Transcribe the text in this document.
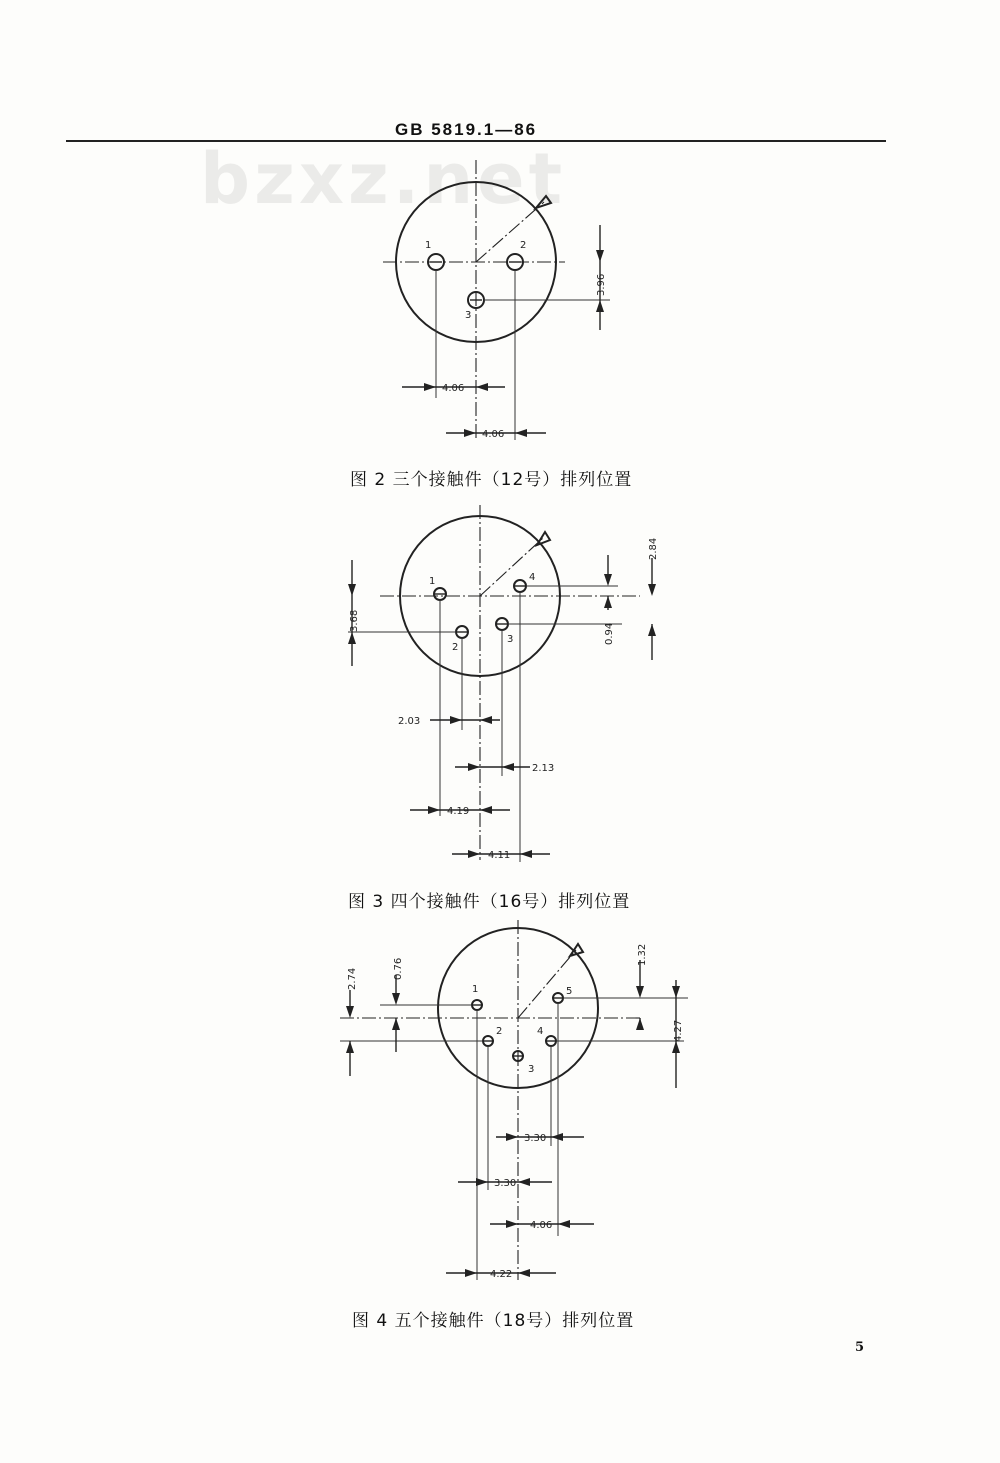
GB 5819.1—86
bzxz.net
1	2
3
3.96
4.06
4.06
图 2 三个接触件（12号）排列位置
1
2
3
4
0.94
2.84
3.68
2.03
2.13
4.19
4.11
图 3 四个接触件（16号）排列位置
1
2
3
4
5
2.74	0.76
1.32
4.27
3.30
3.30
4.06
4.22
图 4 五个接触件（18号）排列位置
5
